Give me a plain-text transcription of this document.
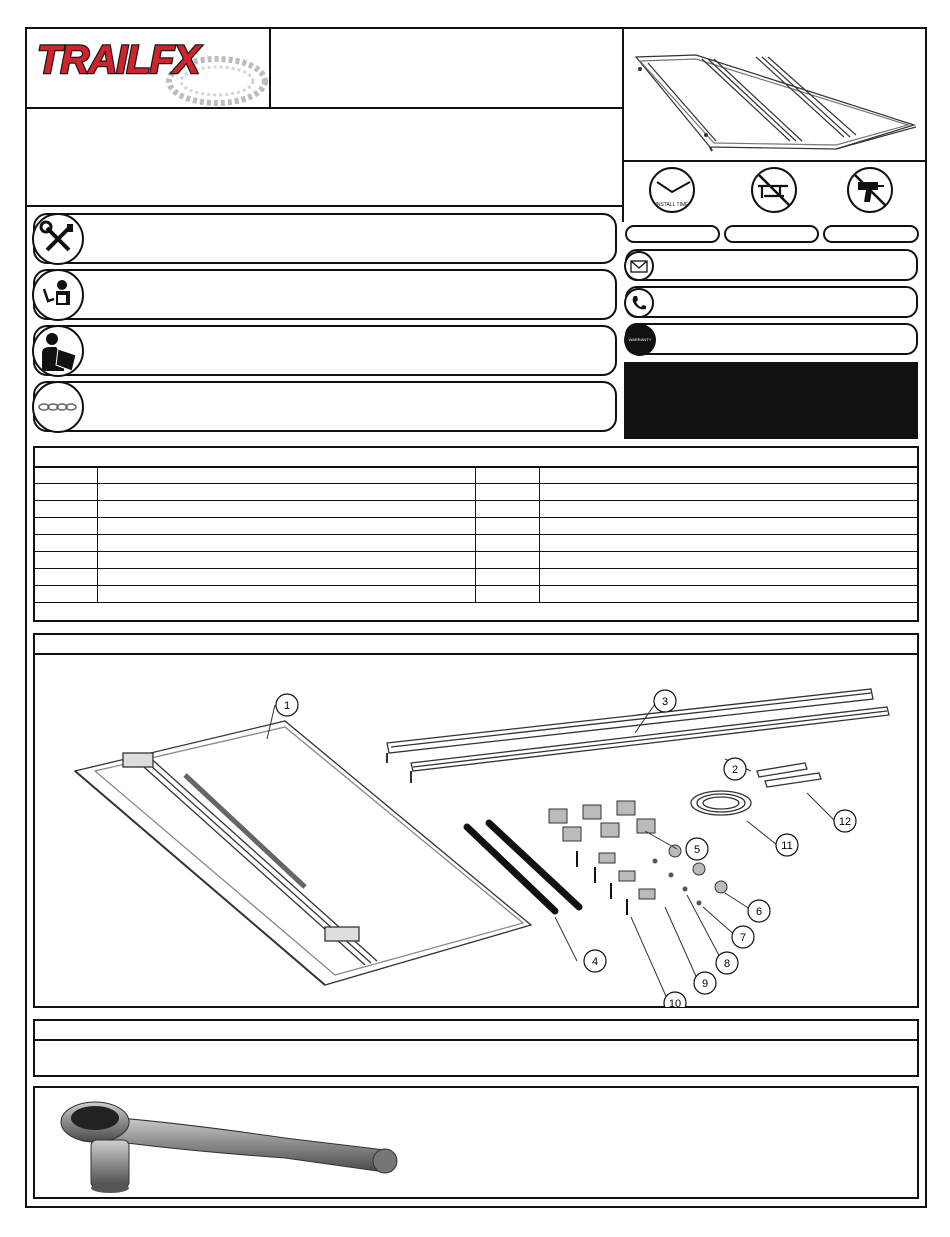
TRAILFX
INSTALL TIME
WARRANTY

1
2
3
4
5
6
7
8
9
10
11
12
